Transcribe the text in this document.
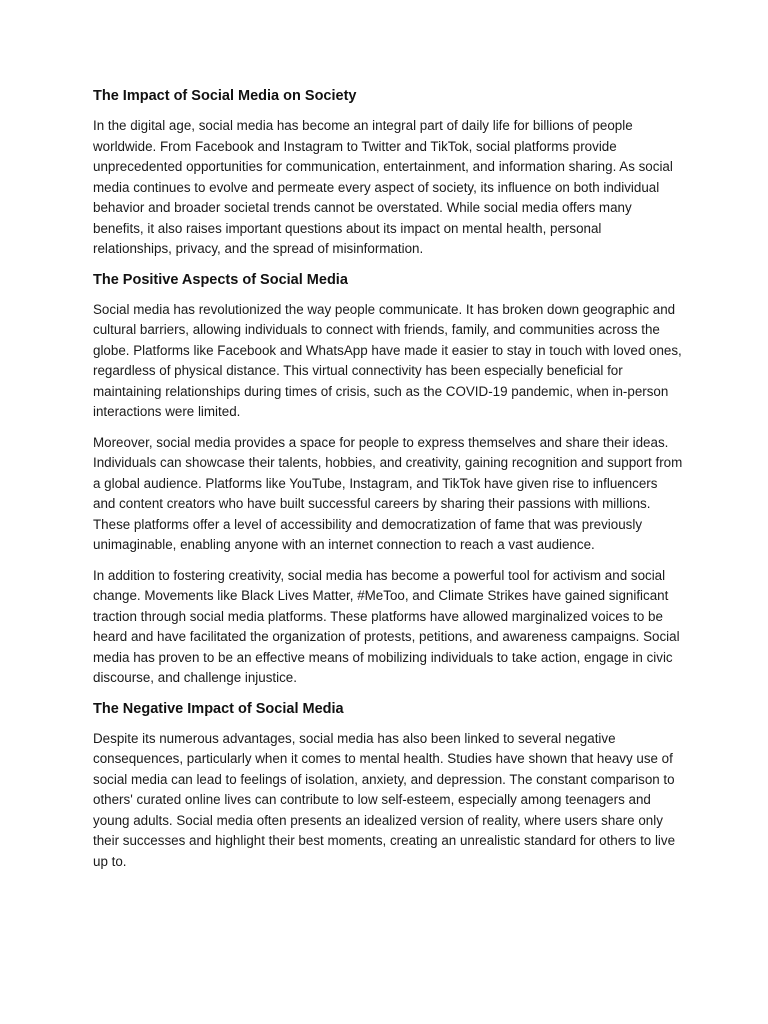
The Impact of Social Media on Society

In the digital age, social media has become an integral part of daily life for billions of people worldwide. From Facebook and Instagram to Twitter and TikTok, social platforms provide unprecedented opportunities for communication, entertainment, and information sharing. As social media continues to evolve and permeate every aspect of society, its influence on both individual behavior and broader societal trends cannot be overstated. While social media offers many benefits, it also raises important questions about its impact on mental health, personal relationships, privacy, and the spread of misinformation.

The Positive Aspects of Social Media

Social media has revolutionized the way people communicate. It has broken down geographic and cultural barriers, allowing individuals to connect with friends, family, and communities across the globe. Platforms like Facebook and WhatsApp have made it easier to stay in touch with loved ones, regardless of physical distance. This virtual connectivity has been especially beneficial for maintaining relationships during times of crisis, such as the COVID-19 pandemic, when in-person interactions were limited.

Moreover, social media provides a space for people to express themselves and share their ideas. Individuals can showcase their talents, hobbies, and creativity, gaining recognition and support from a global audience. Platforms like YouTube, Instagram, and TikTok have given rise to influencers and content creators who have built successful careers by sharing their passions with millions. These platforms offer a level of accessibility and democratization of fame that was previously unimaginable, enabling anyone with an internet connection to reach a vast audience.

In addition to fostering creativity, social media has become a powerful tool for activism and social change. Movements like Black Lives Matter, #MeToo, and Climate Strikes have gained significant traction through social media platforms. These platforms have allowed marginalized voices to be heard and have facilitated the organization of protests, petitions, and awareness campaigns. Social media has proven to be an effective means of mobilizing individuals to take action, engage in civic discourse, and challenge injustice.

The Negative Impact of Social Media

Despite its numerous advantages, social media has also been linked to several negative consequences, particularly when it comes to mental health. Studies have shown that heavy use of social media can lead to feelings of isolation, anxiety, and depression. The constant comparison to others' curated online lives can contribute to low self-esteem, especially among teenagers and young adults. Social media often presents an idealized version of reality, where users share only their successes and highlight their best moments, creating an unrealistic standard for others to live up to.
